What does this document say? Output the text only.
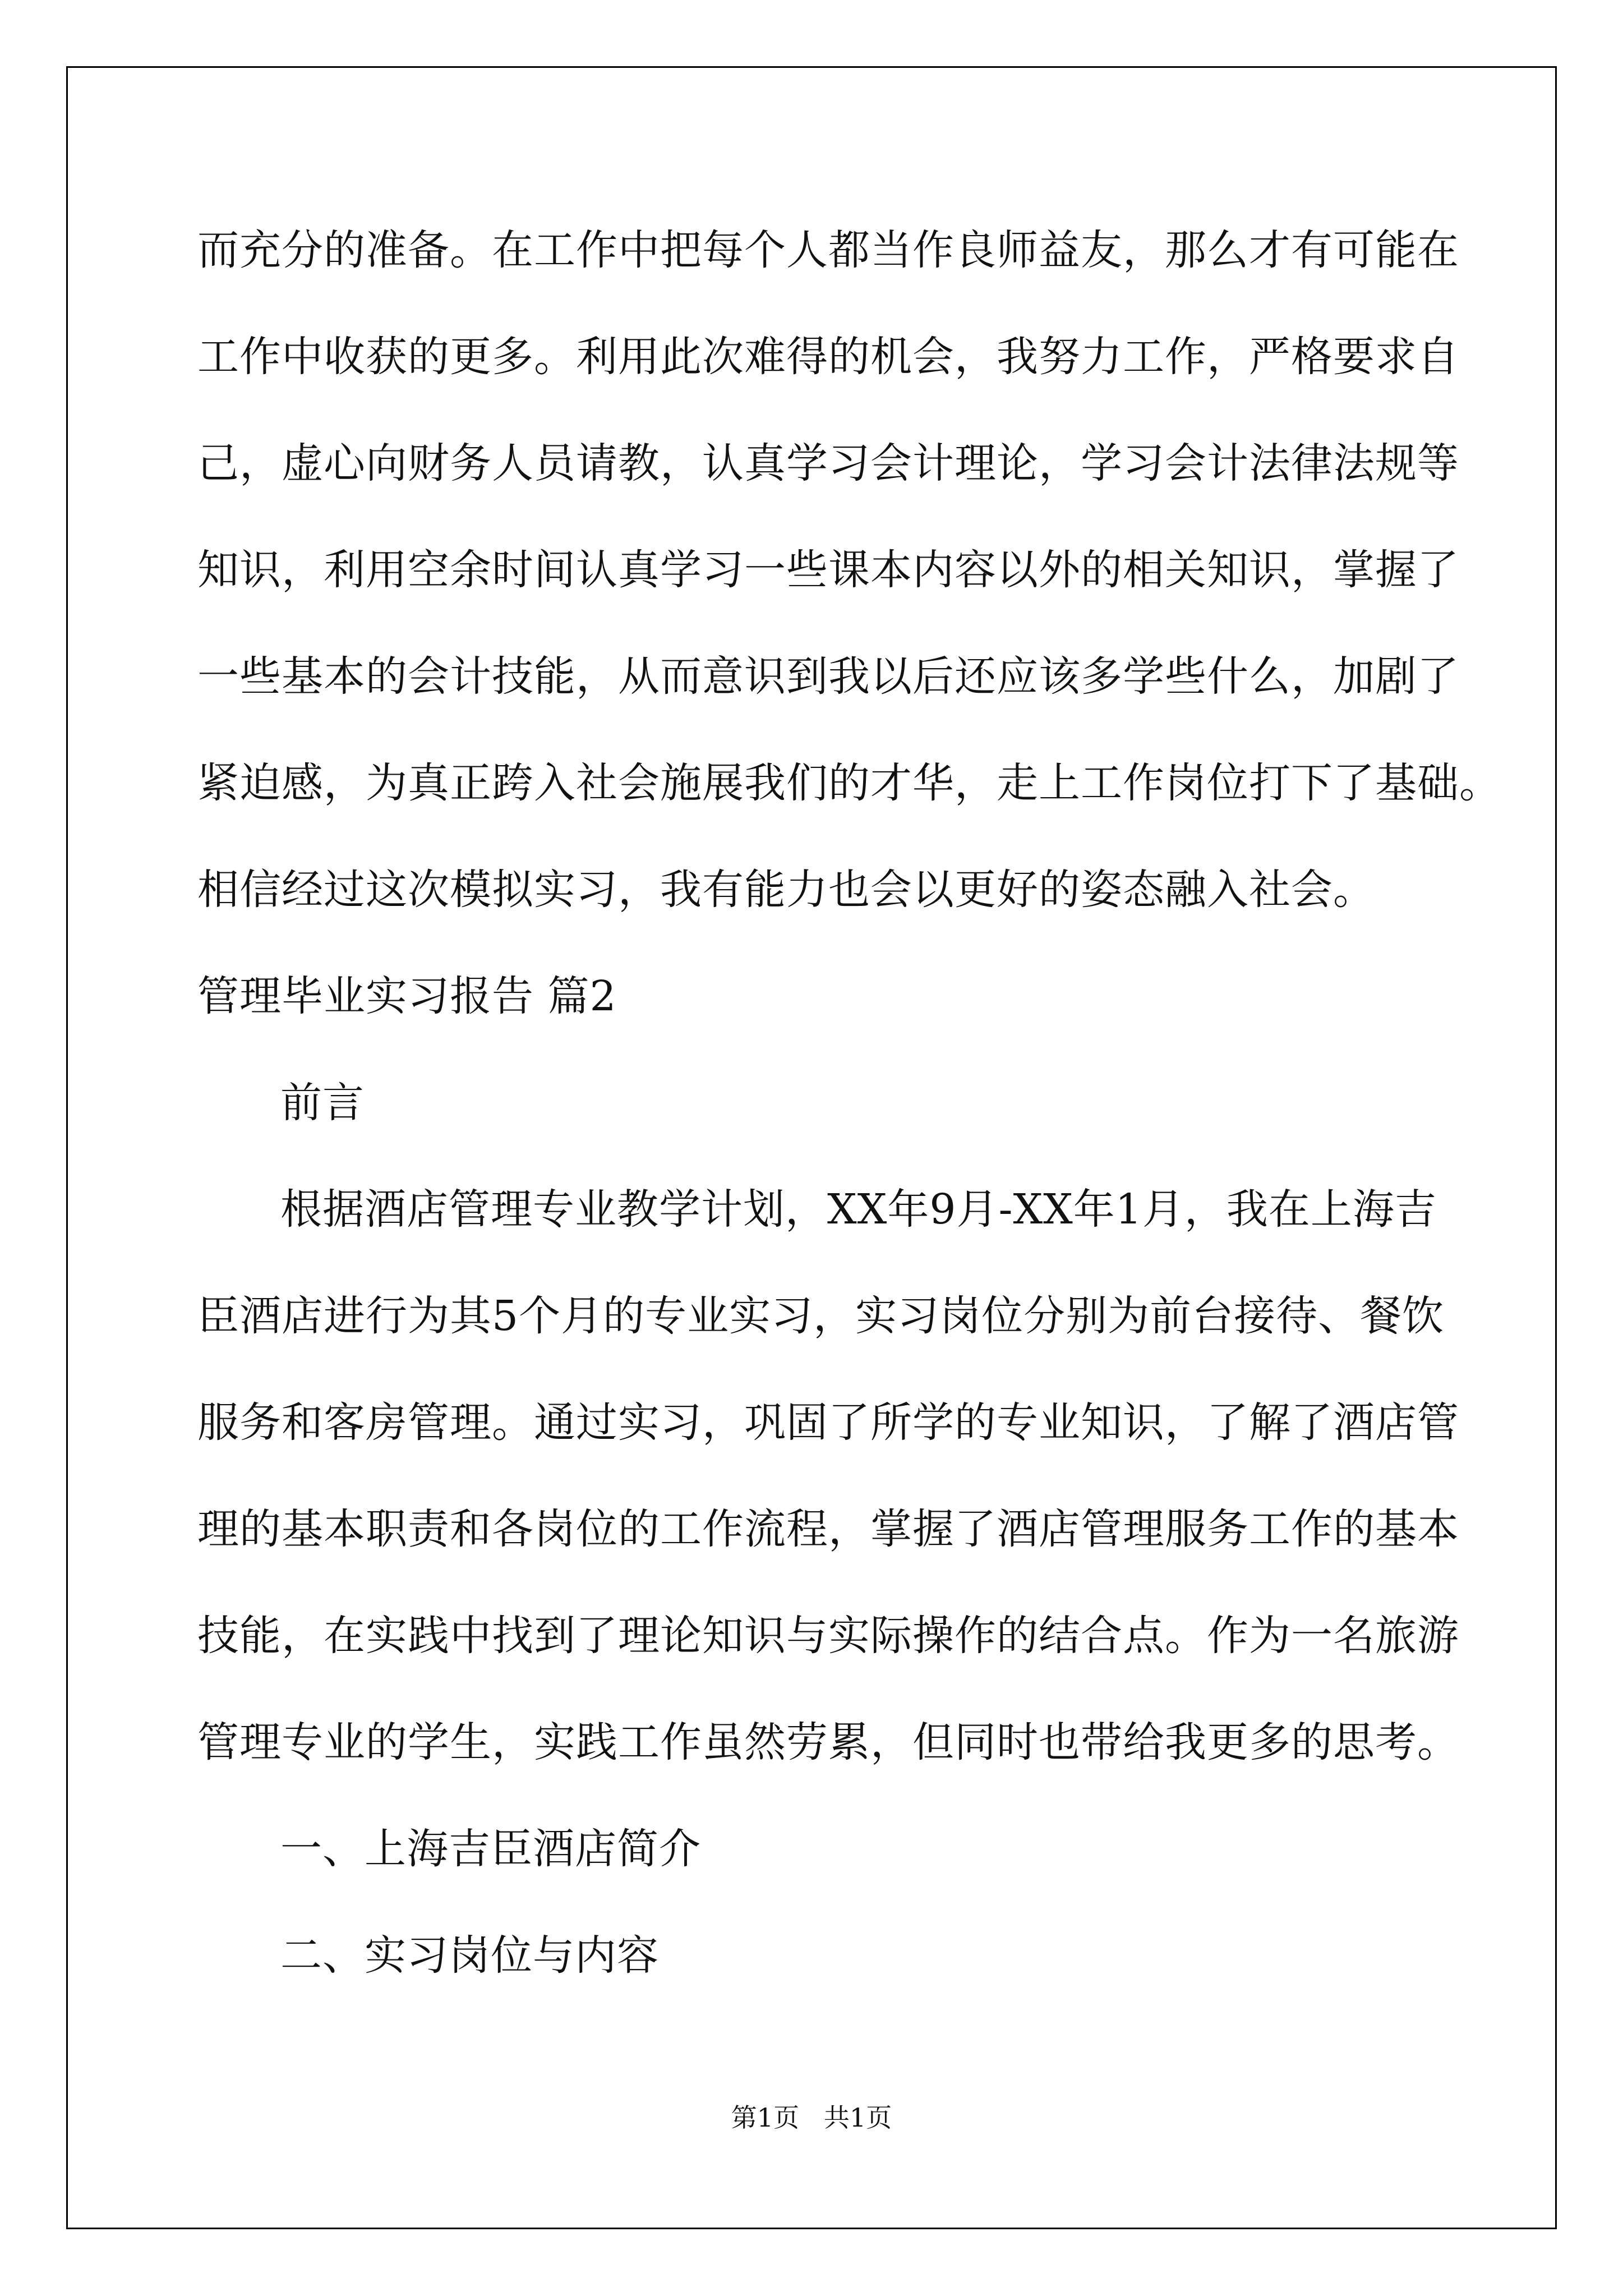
而充分的准备。在工作中把每个人都当作良师益友，那么才有可能在
工作中收获的更多。利用此次难得的机会，我努力工作，严格要求自
己，虚心向财务人员请教，认真学习会计理论，学习会计法律法规等
知识，利用空余时间认真学习一些课本内容以外的相关知识，掌握了
一些基本的会计技能，从而意识到我以后还应该多学些什么，加剧了
紧迫感，为真正跨入社会施展我们的才华，走上工作岗位打下了基础。
相信经过这次模拟实习，我有能力也会以更好的姿态融入社会。
管理毕业实习报告 篇2
前言
根据酒店管理专业教学计划，XX年9月-XX年1月，我在上海吉
臣酒店进行为其5个月的专业实习，实习岗位分别为前台接待、餐饮
服务和客房管理。通过实习，巩固了所学的专业知识，了解了酒店管
理的基本职责和各岗位的工作流程，掌握了酒店管理服务工作的基本
技能，在实践中找到了理论知识与实际操作的结合点。作为一名旅游
管理专业的学生，实践工作虽然劳累，但同时也带给我更多的思考。
一、上海吉臣酒店简介
二、实习岗位与内容
第1页   共1页
